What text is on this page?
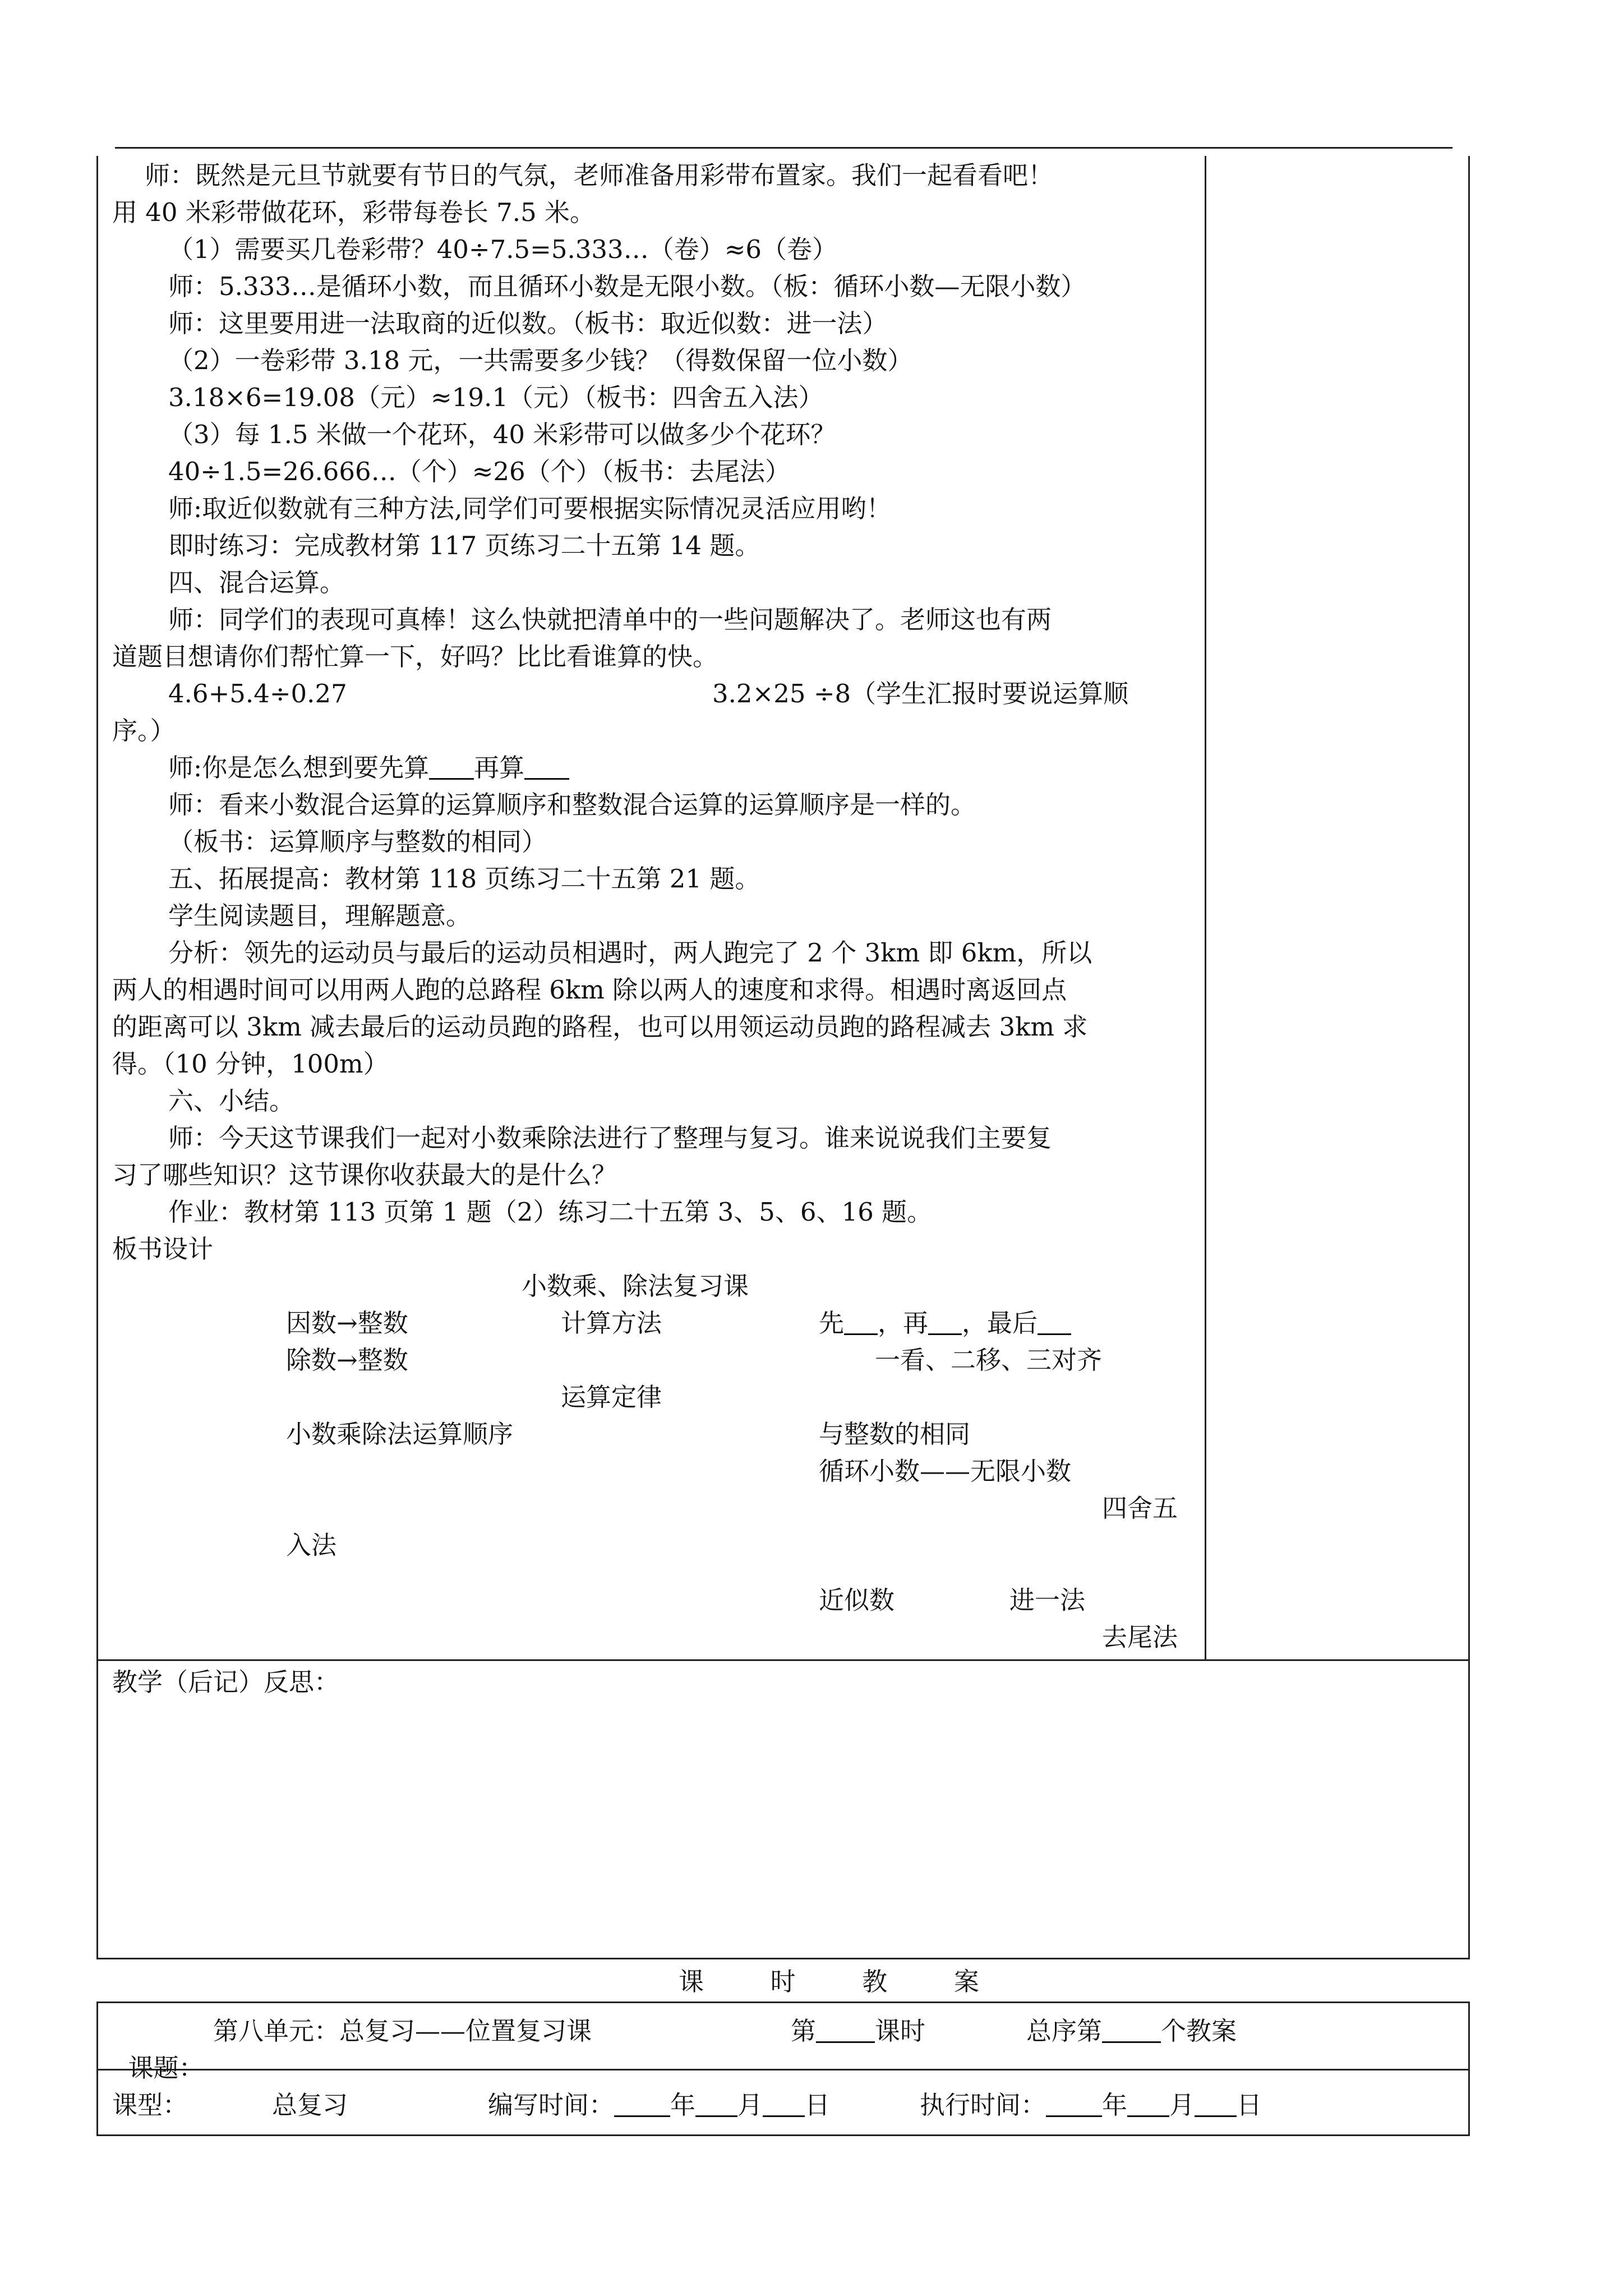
师：既然是元旦节就要有节日的气氛，老师准备用彩带布置家。我们一起看看吧！
用 40 米彩带做花环，彩带每卷长 7.5 米。
（1）需要买几卷彩带？40÷7.5=5.333…（卷）≈6（卷）
师：5.333…是循环小数，而且循环小数是无限小数。（板：循环小数—无限小数）
师：这里要用进一法取商的近似数。（板书：取近似数：进一法）
（2）一卷彩带 3.18 元，一共需要多少钱？（得数保留一位小数）
3.18×6=19.08（元）≈19.1（元）（板书：四舍五入法）
（3）每 1.5 米做一个花环，40 米彩带可以做多少个花环？
40÷1.5=26.666…（个）≈26（个）（板书：去尾法）
师:取近似数就有三种方法,同学们可要根据实际情况灵活应用哟！
即时练习：完成教材第 117 页练习二十五第 14 题。
四、混合运算。
师：同学们的表现可真棒！这么快就把清单中的一些问题解决了。老师这也有两
道题目想请你们帮忙算一下，好吗？比比看谁算的快。
4.6+5.4÷0.27	3.2×25 ÷8（学生汇报时要说运算顺
序。）
师:你是怎么想到要先算 再算
师：看来小数混合运算的运算顺序和整数混合运算的运算顺序是一样的。
（板书：运算顺序与整数的相同）
五、拓展提高：教材第 118 页练习二十五第 21 题。
学生阅读题目，理解题意。
分析：领先的运动员与最后的运动员相遇时，两人跑完了 2 个 3km 即 6km，所以
两人的相遇时间可以用两人跑的总路程 6km 除以两人的速度和求得。相遇时离返回点
的距离可以 3km 减去最后的运动员跑的路程，也可以用领运动员跑的路程减去 3km 求
得。（10 分钟，100m）
六、小结。
师：今天这节课我们一起对小数乘除法进行了整理与复习。谁来说说我们主要复
习了哪些知识？这节课你收获最大的是什么？
作业：教材第 113 页第 1 题（2）练习二十五第 3、5、6、16 题。
板书设计
小数乘、除法复习课
因数→整数	计算方法	先 ，再 ，最后
除数→整数	一看、二移、三对齐
运算定律
小数乘除法运算顺序	与整数的相同
循环小数——无限小数
四舍五
入法
近似数	进一法
去尾法
教学（后记）反思：
课  时  教  案

课题：

第八单元：总复习——位置复习课	第 课时	总序第 个教案
课型：	总复习	编写时间： 年 月 日	执行时间： 年 月 日
